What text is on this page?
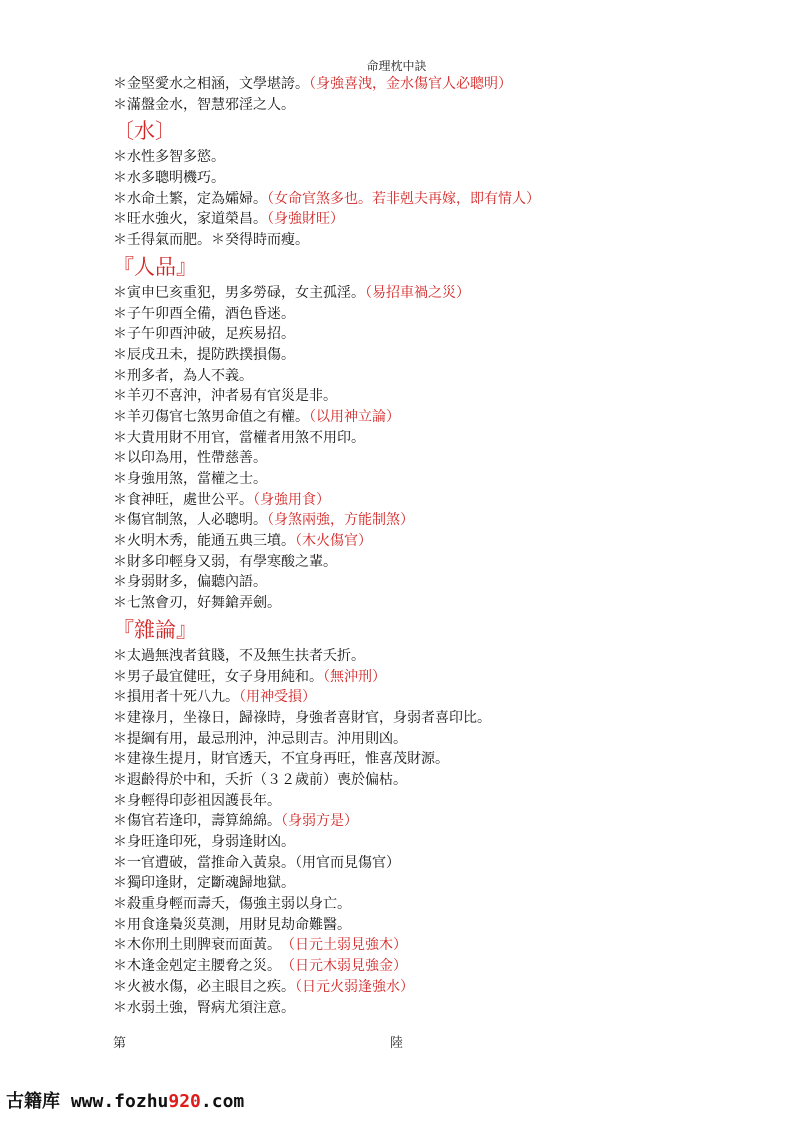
命理枕中訣
＊金堅愛水之相涵，文學堪誇。（身強喜洩，金水傷官人必聰明）
＊滿盤金水，智慧邪淫之人。
〔水〕
＊水性多智多慾。
＊水多聰明機巧。
＊水命土繁，定為孀婦。（女命官煞多也。若非剋夫再嫁，即有情人）
＊旺水強火，家道榮昌。（身強財旺）
＊壬得氣而肥。＊癸得時而瘦。
『人品』
＊寅申巳亥重犯，男多勞碌，女主孤淫。（易招車禍之災）
＊子午卯酉全備，酒色昏迷。
＊子午卯酉沖破，足疾易招。
＊辰戌丑未，提防跌撲損傷。
＊刑多者，為人不義。
＊羊刃不喜沖，沖者易有官災是非。
＊羊刃傷官七煞男命值之有權。（以用神立論）
＊大貴用財不用官，當權者用煞不用印。
＊以印為用，性帶慈善。
＊身強用煞，當權之士。
＊食神旺，處世公平。（身強用食）
＊傷官制煞，人必聰明。（身煞兩強，方能制煞）
＊火明木秀，能通五典三墳。（木火傷官）
＊財多印輕身又弱，有學寒酸之輩。
＊身弱財多，偏聽內語。
＊七煞會刃，好舞鎗弄劍。
『雜論』
＊太過無洩者貧賤，不及無生扶者夭折。
＊男子最宜健旺，女子身用純和。（無沖刑）
＊損用者十死八九。（用神受損）
＊建祿月，坐祿日，歸祿時，身強者喜財官，身弱者喜印比。
＊提綱有用，最忌刑沖，沖忌則吉。沖用則凶。
＊建祿生提月，財官透天，不宜身再旺，惟喜茂財源。
＊遐齡得於中和，夭折（３２歲前）喪於偏枯。
＊身輕得印彭祖因護長年。
＊傷官若逢印，壽算綿綿。（身弱方是）
＊身旺逢印死，身弱逢財凶。
＊一官遭破，當推命入黃泉。（用官而見傷官）
＊獨印逢財，定斷魂歸地獄。
＊殺重身輕而壽夭，傷強主弱以身亡。
＊用食逢梟災莫測，用財見劫命難醫。
＊木你刑土則脾衰而面黃。　（日元土弱見強木）
＊木逢金剋定主腰脅之災。　（日元木弱見強金）
＊火被水傷，必主眼目之疾。（日元火弱逢強水）
＊水弱土強，腎病尤須注意。
第	陸
古籍库 www.fozhu920.com
